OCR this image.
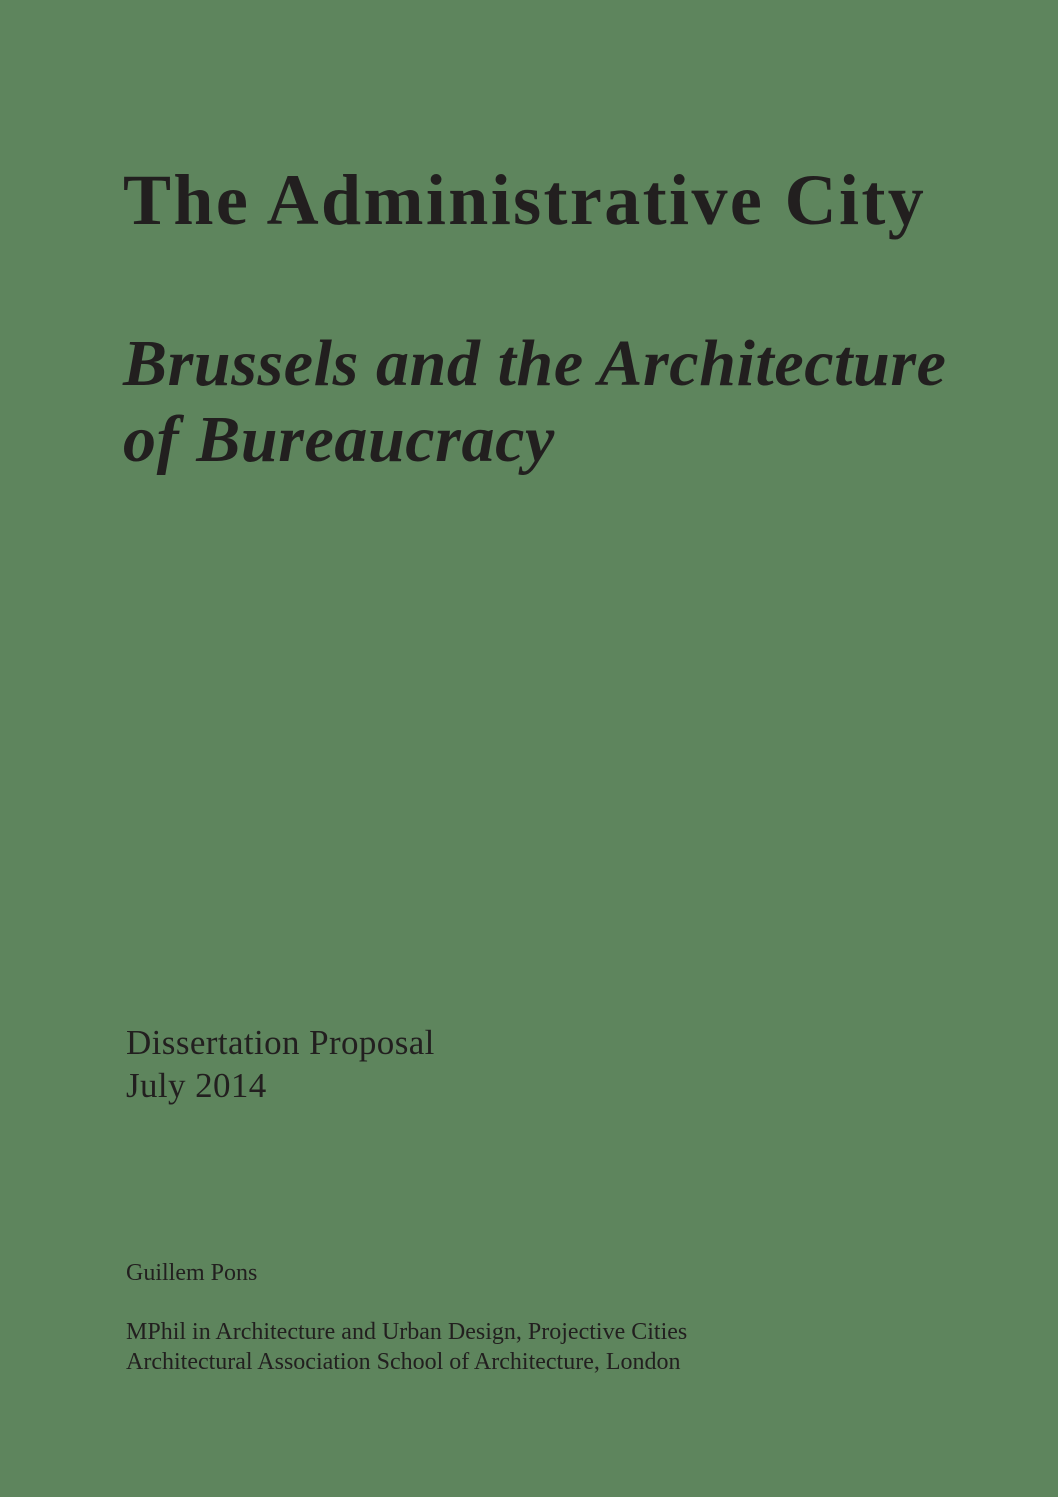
The Administrative City
Brussels and the Architecture
of Bureaucracy
Dissertation Proposal
July 2014
Guillem Pons
MPhil in Architecture and Urban Design, Projective Cities
Architectural Association School of Architecture, London
